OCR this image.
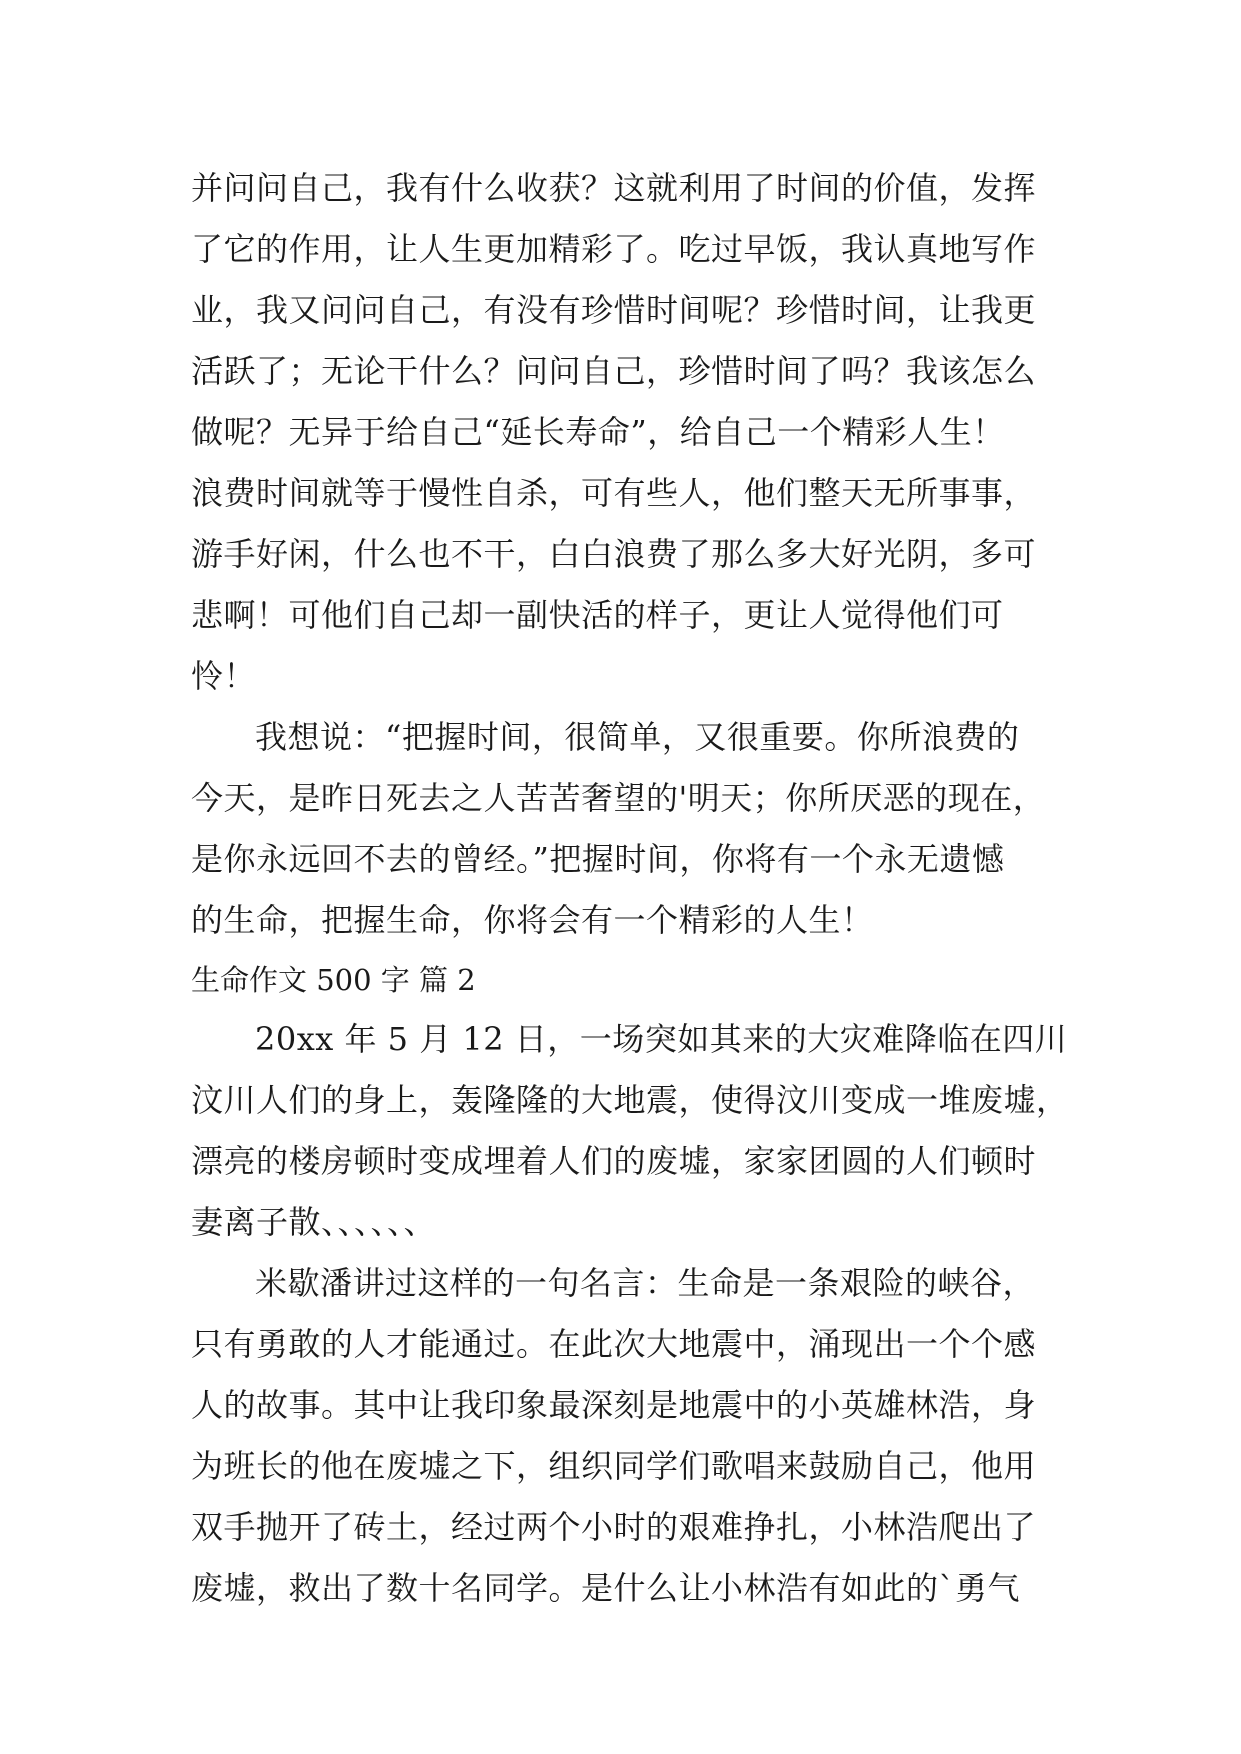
并问问自己，我有什么收获？这就利用了时间的价值，发挥
了它的作用，让人生更加精彩了。吃过早饭，我认真地写作
业，我又问问自己，有没有珍惜时间呢？珍惜时间，让我更
活跃了；无论干什么？问问自己，珍惜时间了吗？我该怎么
做呢？无异于给自己“延长寿命”，给自己一个精彩人生！
浪费时间就等于慢性自杀，可有些人，他们整天无所事事，
游手好闲，什么也不干，白白浪费了那么多大好光阴，多可
悲啊！可他们自己却一副快活的样子，更让人觉得他们可
怜！
我想说：“把握时间，很简单，又很重要。你所浪费的
今天，是昨日死去之人苦苦奢望的'明天；你所厌恶的现在，
是你永远回不去的曾经。”把握时间，你将有一个永无遗憾
的生命，把握生命，你将会有一个精彩的人生！
生命作文 500 字 篇 2
20xx 年 5 月 12 日，一场突如其来的大灾难降临在四川
汶川人们的身上，轰隆隆的大地震，使得汶川变成一堆废墟，
漂亮的楼房顿时变成埋着人们的废墟，家家团圆的人们顿时
妻离子散、、、、、、
米歇潘讲过这样的一句名言：生命是一条艰险的峡谷，
只有勇敢的人才能通过。在此次大地震中，涌现出一个个感
人的故事。其中让我印象最深刻是地震中的小英雄林浩，身
为班长的他在废墟之下，组织同学们歌唱来鼓励自己，他用
双手抛开了砖土，经过两个小时的艰难挣扎，小林浩爬出了
废墟，救出了数十名同学。是什么让小林浩有如此的`勇气
